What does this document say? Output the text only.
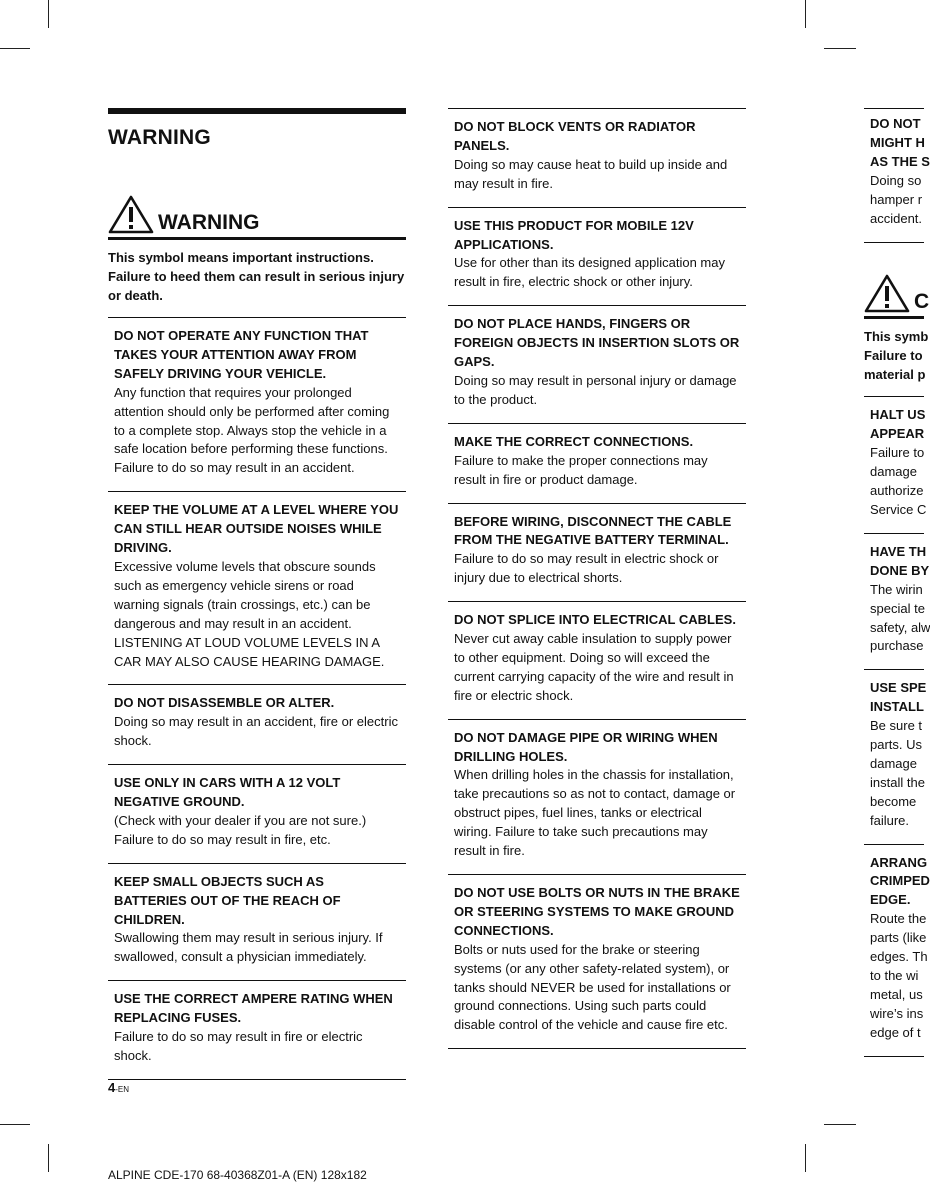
WARNING
WARNING
This symbol means important instructions. Failure to heed them can result in serious injury or death.
DO NOT OPERATE ANY FUNCTION THAT TAKES YOUR ATTENTION AWAY FROM SAFELY DRIVING YOUR VEHICLE.
Any function that requires your prolonged attention should only be performed after coming to a complete stop. Always stop the vehicle in a safe location before performing these functions. Failure to do so may result in an accident.
KEEP THE VOLUME AT A LEVEL WHERE YOU CAN STILL HEAR OUTSIDE NOISES WHILE DRIVING.
Excessive volume levels that obscure sounds such as emergency vehicle sirens or road warning signals (train crossings, etc.) can be dangerous and may result in an accident. LISTENING AT LOUD VOLUME LEVELS IN A CAR MAY ALSO CAUSE HEARING DAMAGE.
DO NOT DISASSEMBLE OR ALTER.
Doing so may result in an accident, fire or electric shock.
USE ONLY IN CARS WITH A 12 VOLT NEGATIVE GROUND.
(Check with your dealer if you are not sure.) Failure to do so may result in fire, etc.
KEEP SMALL OBJECTS SUCH AS BATTERIES OUT OF THE REACH OF CHILDREN.
Swallowing them may result in serious injury. If swallowed, consult a physician immediately.
USE THE CORRECT AMPERE RATING WHEN REPLACING FUSES.
Failure to do so may result in fire or electric shock.
DO NOT BLOCK VENTS OR RADIATOR PANELS.
Doing so may cause heat to build up inside and may result in fire.
USE THIS PRODUCT FOR MOBILE 12V APPLICATIONS.
Use for other than its designed application may result in fire, electric shock or other injury.
DO NOT PLACE HANDS, FINGERS OR FOREIGN OBJECTS IN INSERTION SLOTS OR GAPS.
Doing so may result in personal injury or damage to the product.
MAKE THE CORRECT CONNECTIONS.
Failure to make the proper connections may result in fire or product damage.
BEFORE WIRING, DISCONNECT THE CABLE FROM THE NEGATIVE BATTERY TERMINAL.
Failure to do so may result in electric shock or injury due to electrical shorts.
DO NOT SPLICE INTO ELECTRICAL CABLES.
Never cut away cable insulation to supply power to other equipment. Doing so will exceed the current carrying capacity of the wire and result in fire or electric shock.
DO NOT DAMAGE PIPE OR WIRING WHEN DRILLING HOLES.
When drilling holes in the chassis for installation, take precautions so as not to contact, damage or obstruct pipes, fuel lines, tanks or electrical wiring. Failure to take such precautions may result in fire.
DO NOT USE BOLTS OR NUTS IN THE BRAKE OR STEERING SYSTEMS TO MAKE GROUND CONNECTIONS.
Bolts or nuts used for the brake or steering systems (or any other safety-related system), or tanks should NEVER be used for installations or ground connections. Using such parts could disable control of the vehicle and cause fire etc.
DO NOT
MIGHT H
AS THE S
Doing so
hamper r
accident.
C
This symb
Failure to
material p
HALT US
APPEAR
Failure to
damage
authorize
Service C
HAVE TH
DONE BY
The wirin
special te
safety, alw
purchase
USE SPE
INSTALL
Be sure t
parts. Us
damage
install the
become
failure.
ARRANG
CRIMPED
EDGE.
Route the
parts (like
edges. Th
to the wi
metal, us
wire’s ins
edge of t
4-EN
ALPINE CDE-170 68-40368Z01-A (EN) 128x182
